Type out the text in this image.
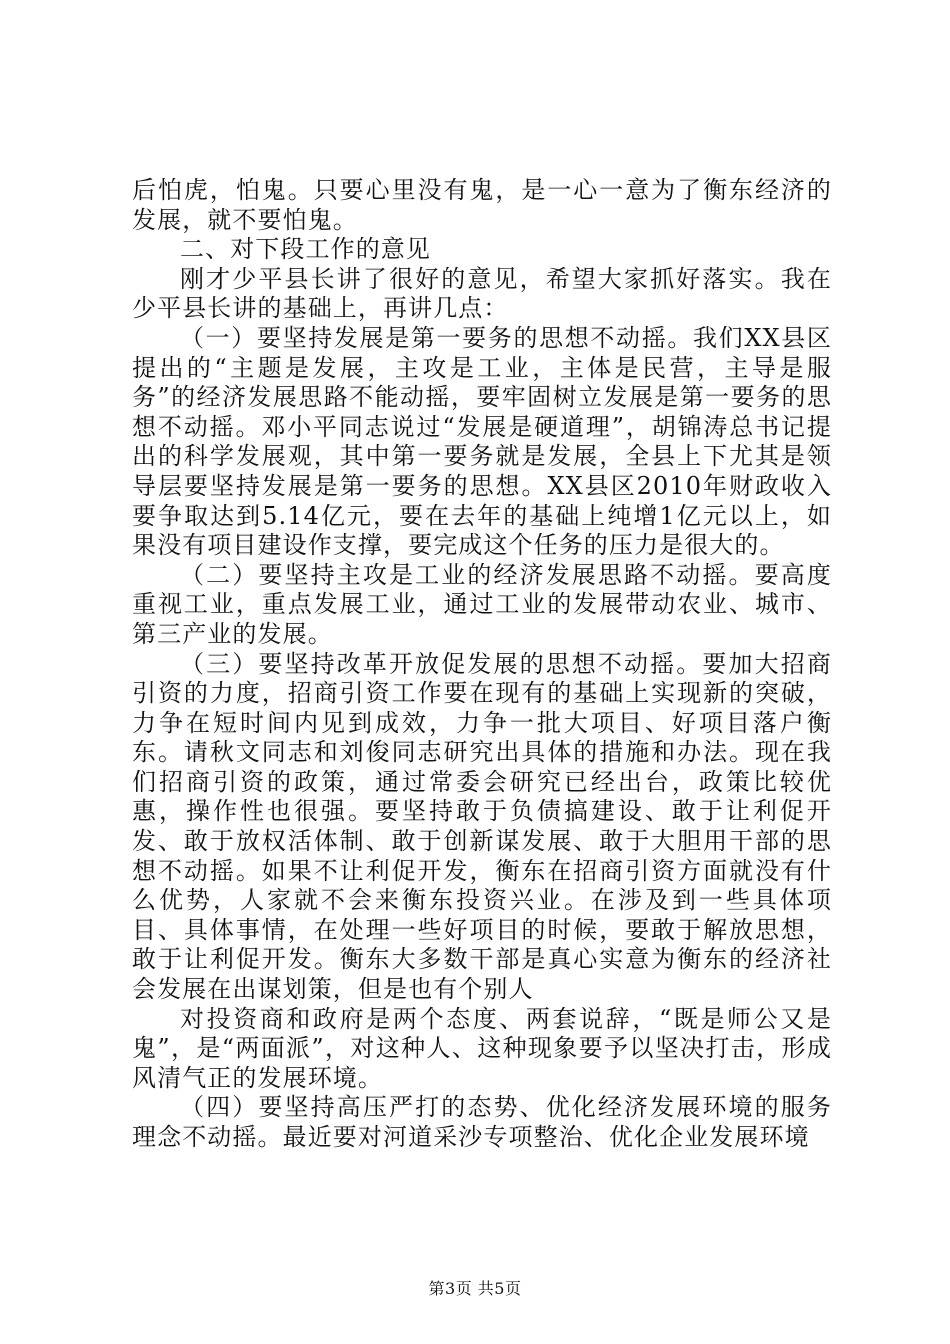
后怕虎，怕鬼。只要心里没有鬼，是一心一意为了衡东经济的发展，就不要怕鬼。

二、对下段工作的意见

刚才少平县长讲了很好的意见，希望大家抓好落实。我在少平县长讲的基础上，再讲几点：

（一）要坚持发展是第一要务的思想不动摇。我们XX县区提出的“主题是发展，主攻是工业，主体是民营，主导是服务”的经济发展思路不能动摇，要牢固树立发展是第一要务的思想不动摇。邓小平同志说过“发展是硬道理”，胡锦涛总书记提出的科学发展观，其中第一要务就是发展，全县上下尤其是领导层要坚持发展是第一要务的思想。XX县区2010年财政收入要争取达到5.14亿元，要在去年的基础上纯增1亿元以上，如果没有项目建设作支撑，要完成这个任务的压力是很大的。

（二）要坚持主攻是工业的经济发展思路不动摇。要高度重视工业，重点发展工业，通过工业的发展带动农业、城市、第三产业的发展。

（三）要坚持改革开放促发展的思想不动摇。要加大招商引资的力度，招商引资工作要在现有的基础上实现新的突破，力争在短时间内见到成效，力争一批大项目、好项目落户衡东。请秋文同志和刘俊同志研究出具体的措施和办法。现在我们招商引资的政策，通过常委会研究已经出台，政策比较优惠，操作性也很强。要坚持敢于负债搞建设、敢于让利促开发、敢于放权活体制、敢于创新谋发展、敢于大胆用干部的思想不动摇。如果不让利促开发，衡东在招商引资方面就没有什么优势，人家就不会来衡东投资兴业。在涉及到一些具体项目、具体事情，在处理一些好项目的时候，要敢于解放思想，敢于让利促开发。衡东大多数干部是真心实意为衡东的经济社会发展在出谋划策，但是也有个别人

对投资商和政府是两个态度、两套说辞，“既是师公又是鬼”，是“两面派”，对这种人、这种现象要予以坚决打击，形成风清气正的发展环境。

（四）要坚持高压严打的态势、优化经济发展环境的服务理念不动摇。最近要对河道采沙专项整治、优化企业发展环境

第3页 共5页
